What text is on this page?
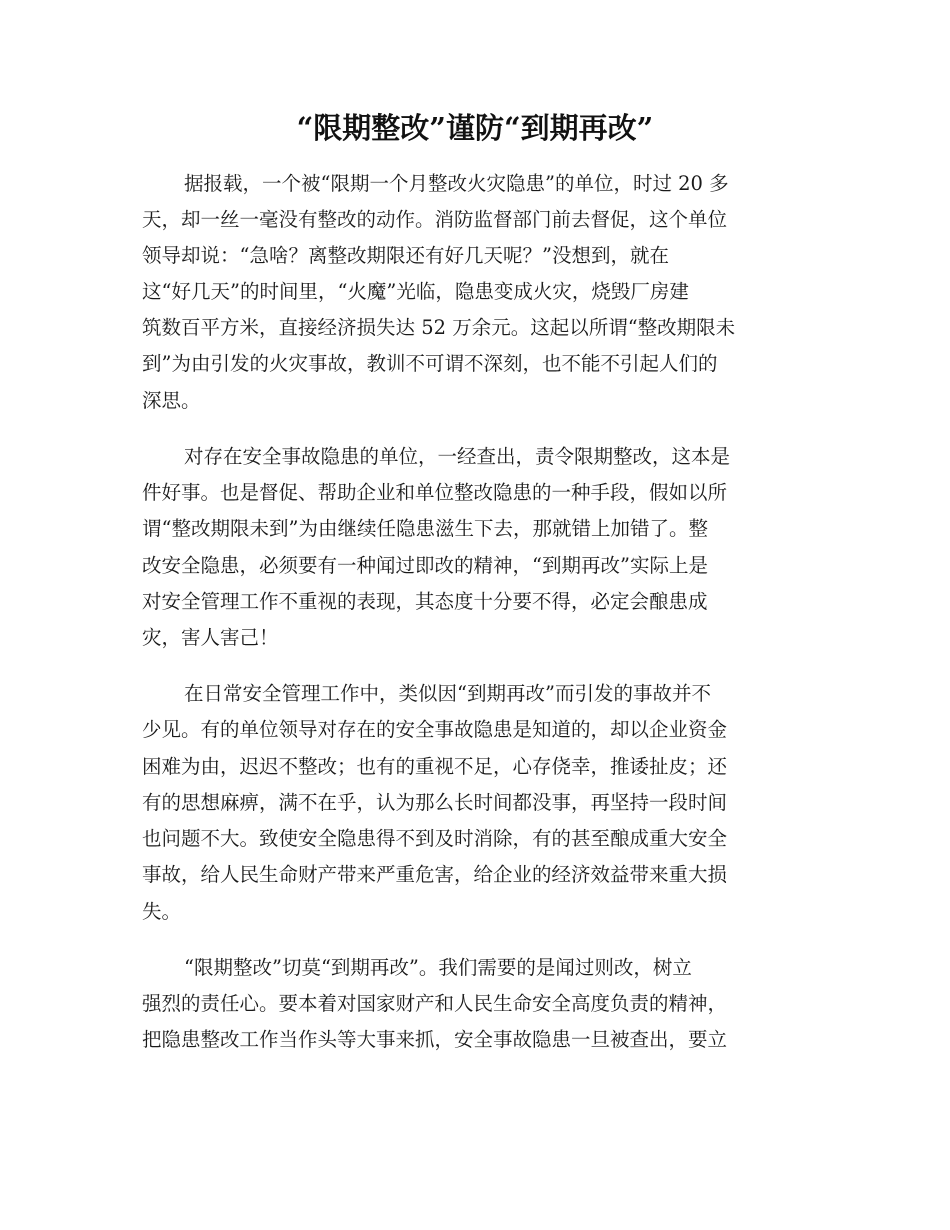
“限期整改”谨防“到期再改”

据报载，一个被“限期一个月整改火灾隐患”的单位，时过 20 多

天，却一丝一毫没有整改的动作。消防监督部门前去督促，这个单位

领导却说：“急啥？离整改期限还有好几天呢？”没想到，就在

这“好几天”的时间里，“火魔”光临，隐患变成火灾，烧毁厂房建

筑数百平方米，直接经济损失达 52 万余元。这起以所谓“整改期限未

到”为由引发的火灾事故，教训不可谓不深刻，也不能不引起人们的

深思。

对存在安全事故隐患的单位，一经查出，责令限期整改，这本是

件好事。也是督促、帮助企业和单位整改隐患的一种手段，假如以所

谓“整改期限未到”为由继续任隐患滋生下去，那就错上加错了。整

改安全隐患，必须要有一种闻过即改的精神，“到期再改”实际上是

对安全管理工作不重视的表现，其态度十分要不得，必定会酿患成

灾，害人害己！

在日常安全管理工作中，类似因“到期再改”而引发的事故并不

少见。有的单位领导对存在的安全事故隐患是知道的，却以企业资金

困难为由，迟迟不整改；也有的重视不足，心存侥幸，推诿扯皮；还

有的思想麻痹，满不在乎，认为那么长时间都没事，再坚持一段时间

也问题不大。致使安全隐患得不到及时消除，有的甚至酿成重大安全

事故，给人民生命财产带来严重危害，给企业的经济效益带来重大损

失。

“限期整改”切莫“到期再改”。我们需要的是闻过则改，树立

强烈的责任心。要本着对国家财产和人民生命安全高度负责的精神，

把隐患整改工作当作头等大事来抓，安全事故隐患一旦被查出，要立
